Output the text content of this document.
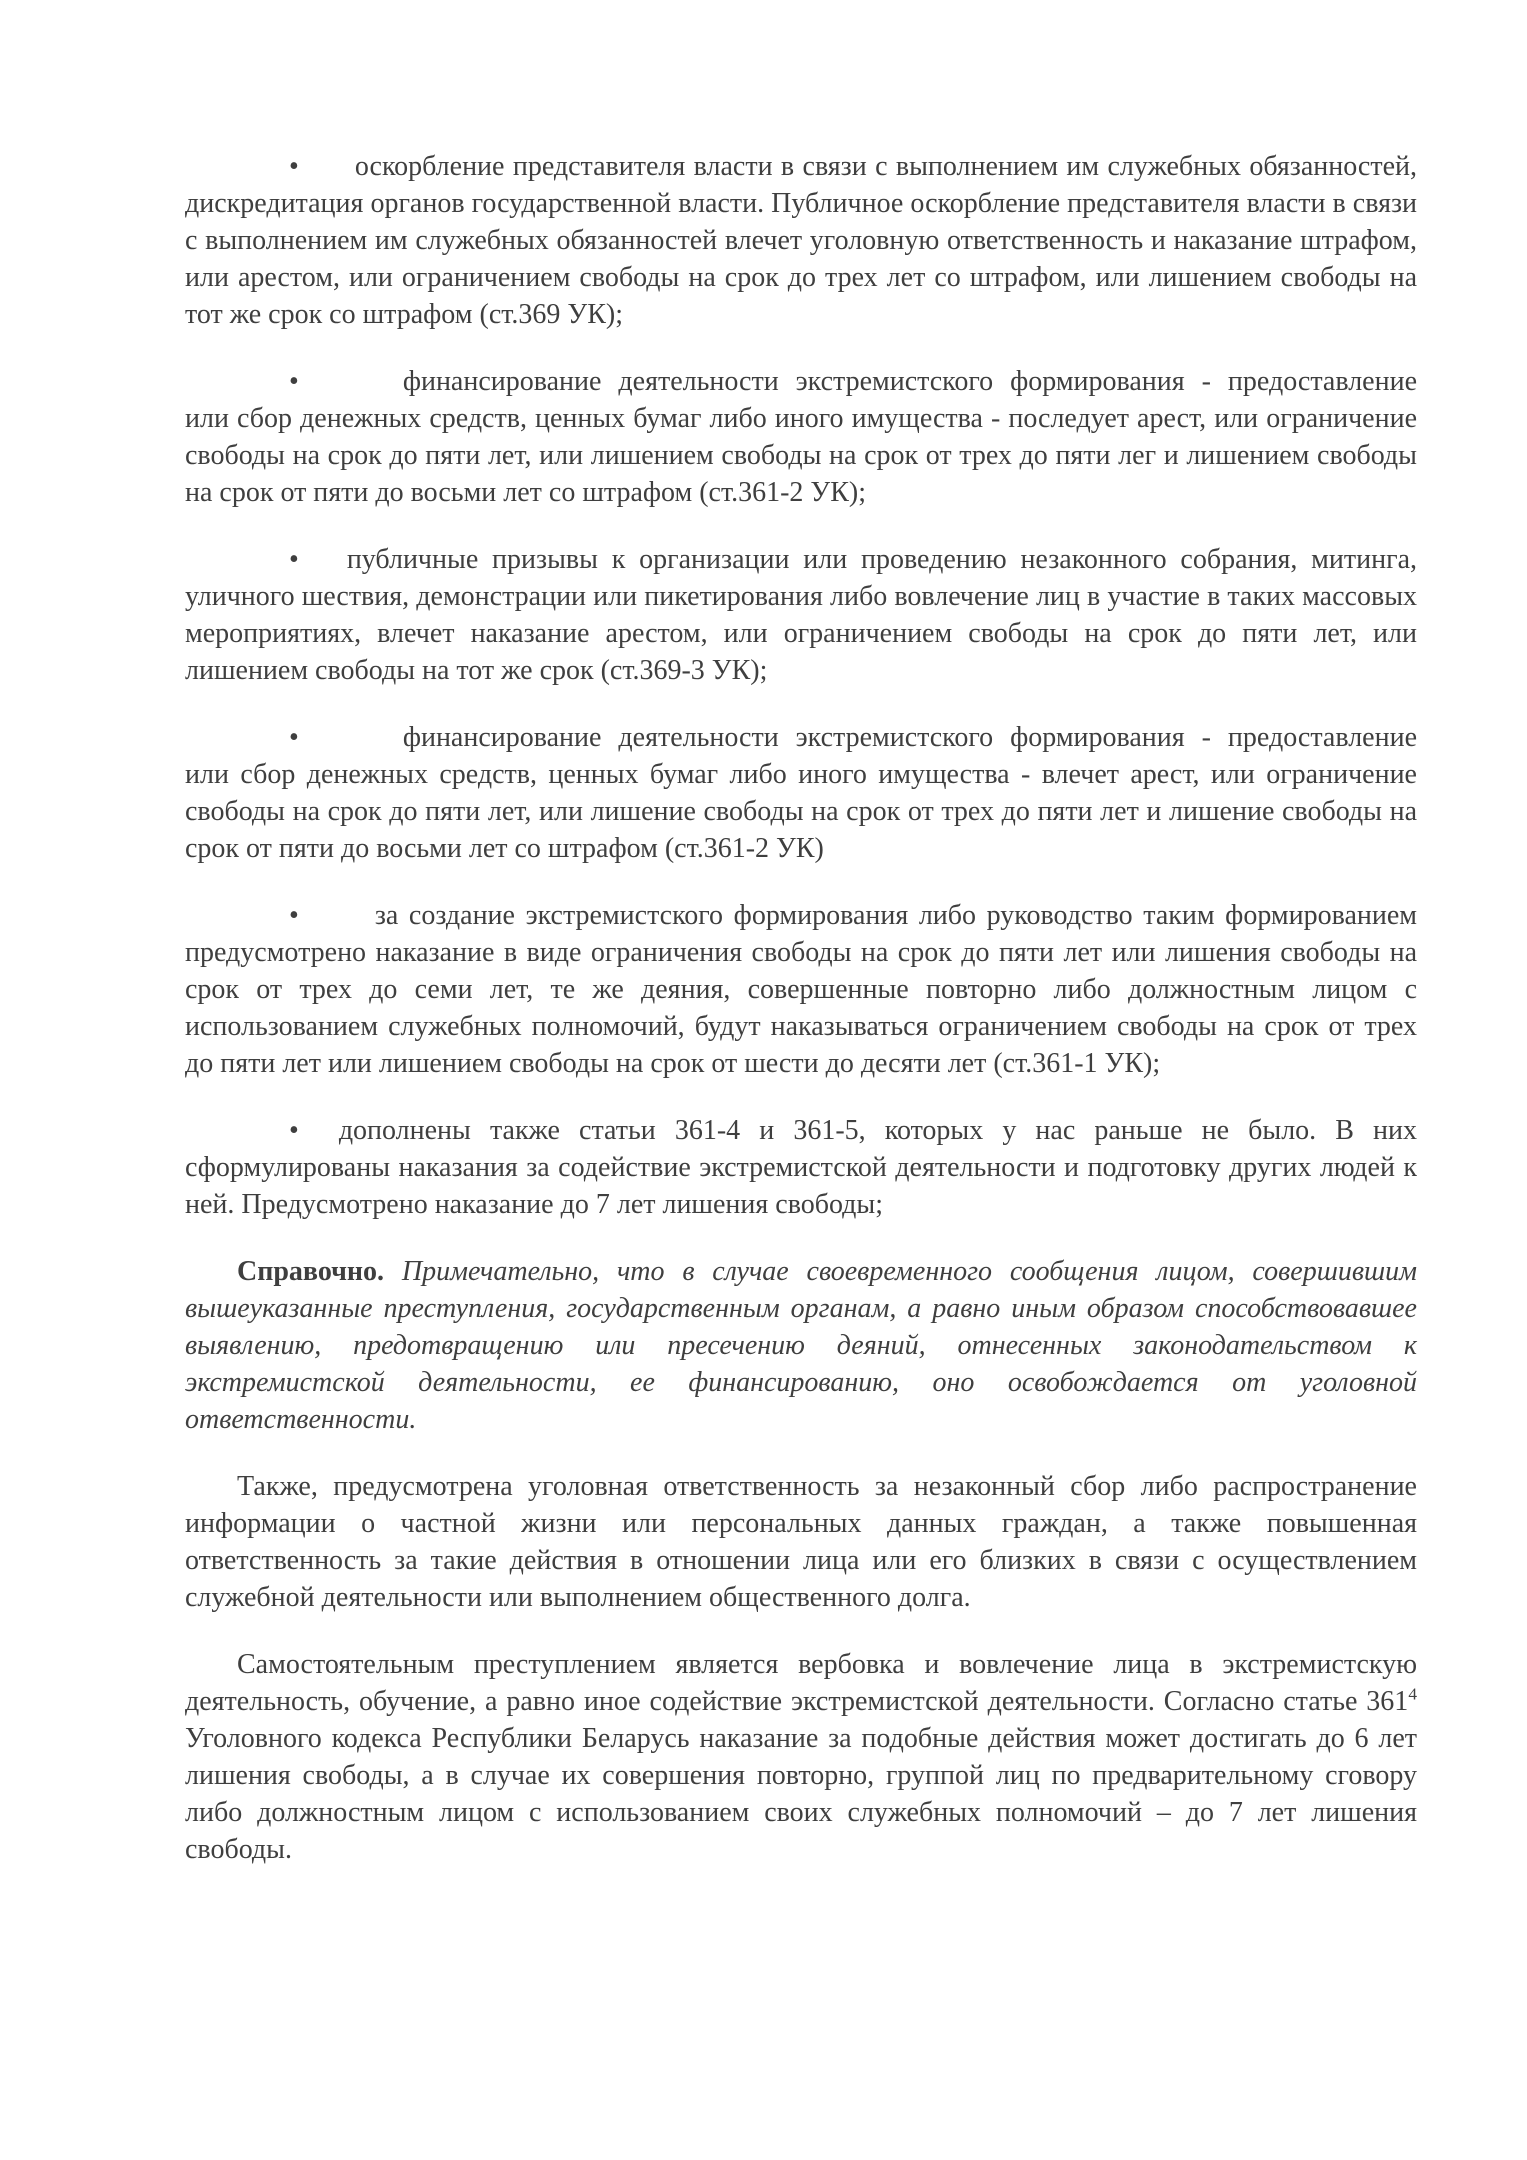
• оскорбление представителя власти в связи с выполнением им служебных обязанностей, дискредитация органов государственной власти. Публичное оскорбление представителя власти в связи с выполнением им служебных обязанностей влечет уголовную ответственность и наказание штрафом, или арестом, или ограничением свободы на срок до трех лет со штрафом, или лишением свободы на тот же срок со штрафом (ст.369 УК);

•	финансирование деятельности экстремистского формирования - предоставление или сбор денежных средств, ценных бумаг либо иного имущества - последует арест, или ограничение свободы на срок до пяти лет, или лишением свободы на срок от трех до пяти лег и лишением свободы на срок от пяти до восьми лет со штрафом (ст.361-2 УК);

• публичные призывы к организации или проведению незаконного собрания, митинга, уличного шествия, демонстрации или пикетирования либо вовлечение лиц в участие в таких массовых мероприятиях, влечет наказание арестом, или ограничением свободы на срок до пяти лет, или лишением свободы на тот же срок (ст.369-3 УК);

•	финансирование деятельности экстремистского формирования - предоставление или сбор денежных средств, ценных бумаг либо иного имущества - влечет арест, или ограничение свободы на срок до пяти лет, или лишение свободы на срок от трех до пяти лет и лишение свободы на срок от пяти до восьми лет со штрафом (ст.361-2 УК)

•	за создание экстремистского формирования либо руководство таким формированием предусмотрено наказание в виде ограничения свободы на срок до пяти лет или лишения свободы на срок от трех до семи лет, те же деяния, совершенные повторно либо должностным лицом с использованием служебных полномочий, будут наказываться ограничением свободы на срок от трех до пяти лет или лишением свободы на срок от шести до десяти лет (ст.361-1 УК);

• дополнены также статьи 361-4 и 361-5, которых у нас раньше не было. В них сформулированы наказания за содействие экстремистской деятельности и подготовку других людей к ней. Предусмотрено наказание до 7 лет лишения свободы;

Справочно. Примечательно, что в случае своевременного сообщения лицом, совершившим вышеуказанные преступления, государственным органам, а равно иным образом способствовавшее выявлению, предотвращению или пресечению деяний, отнесенных законодательством к экстремистской деятельности, ее финансированию, оно освобождается от уголовной ответственности.

Также, предусмотрена уголовная ответственность за незаконный сбор либо распространение информации о частной жизни или персональных данных граждан, а также повышенная ответственность за такие действия в отношении лица или его близких в связи с осуществлением служебной деятельности или выполнением общественного долга.

Самостоятельным преступлением является вербовка и вовлечение лица в экстремистскую деятельность, обучение, а равно иное содействие экстремистской деятельности. Согласно статье 361$^4$ Уголовного кодекса Республики Беларусь наказание за подобные действия может достигать до 6 лет лишения свободы, а в случае их совершения повторно, группой лиц по предварительному сговору либо должностным лицом с использованием своих служебных полномочий – до 7 лет лишения свободы.
